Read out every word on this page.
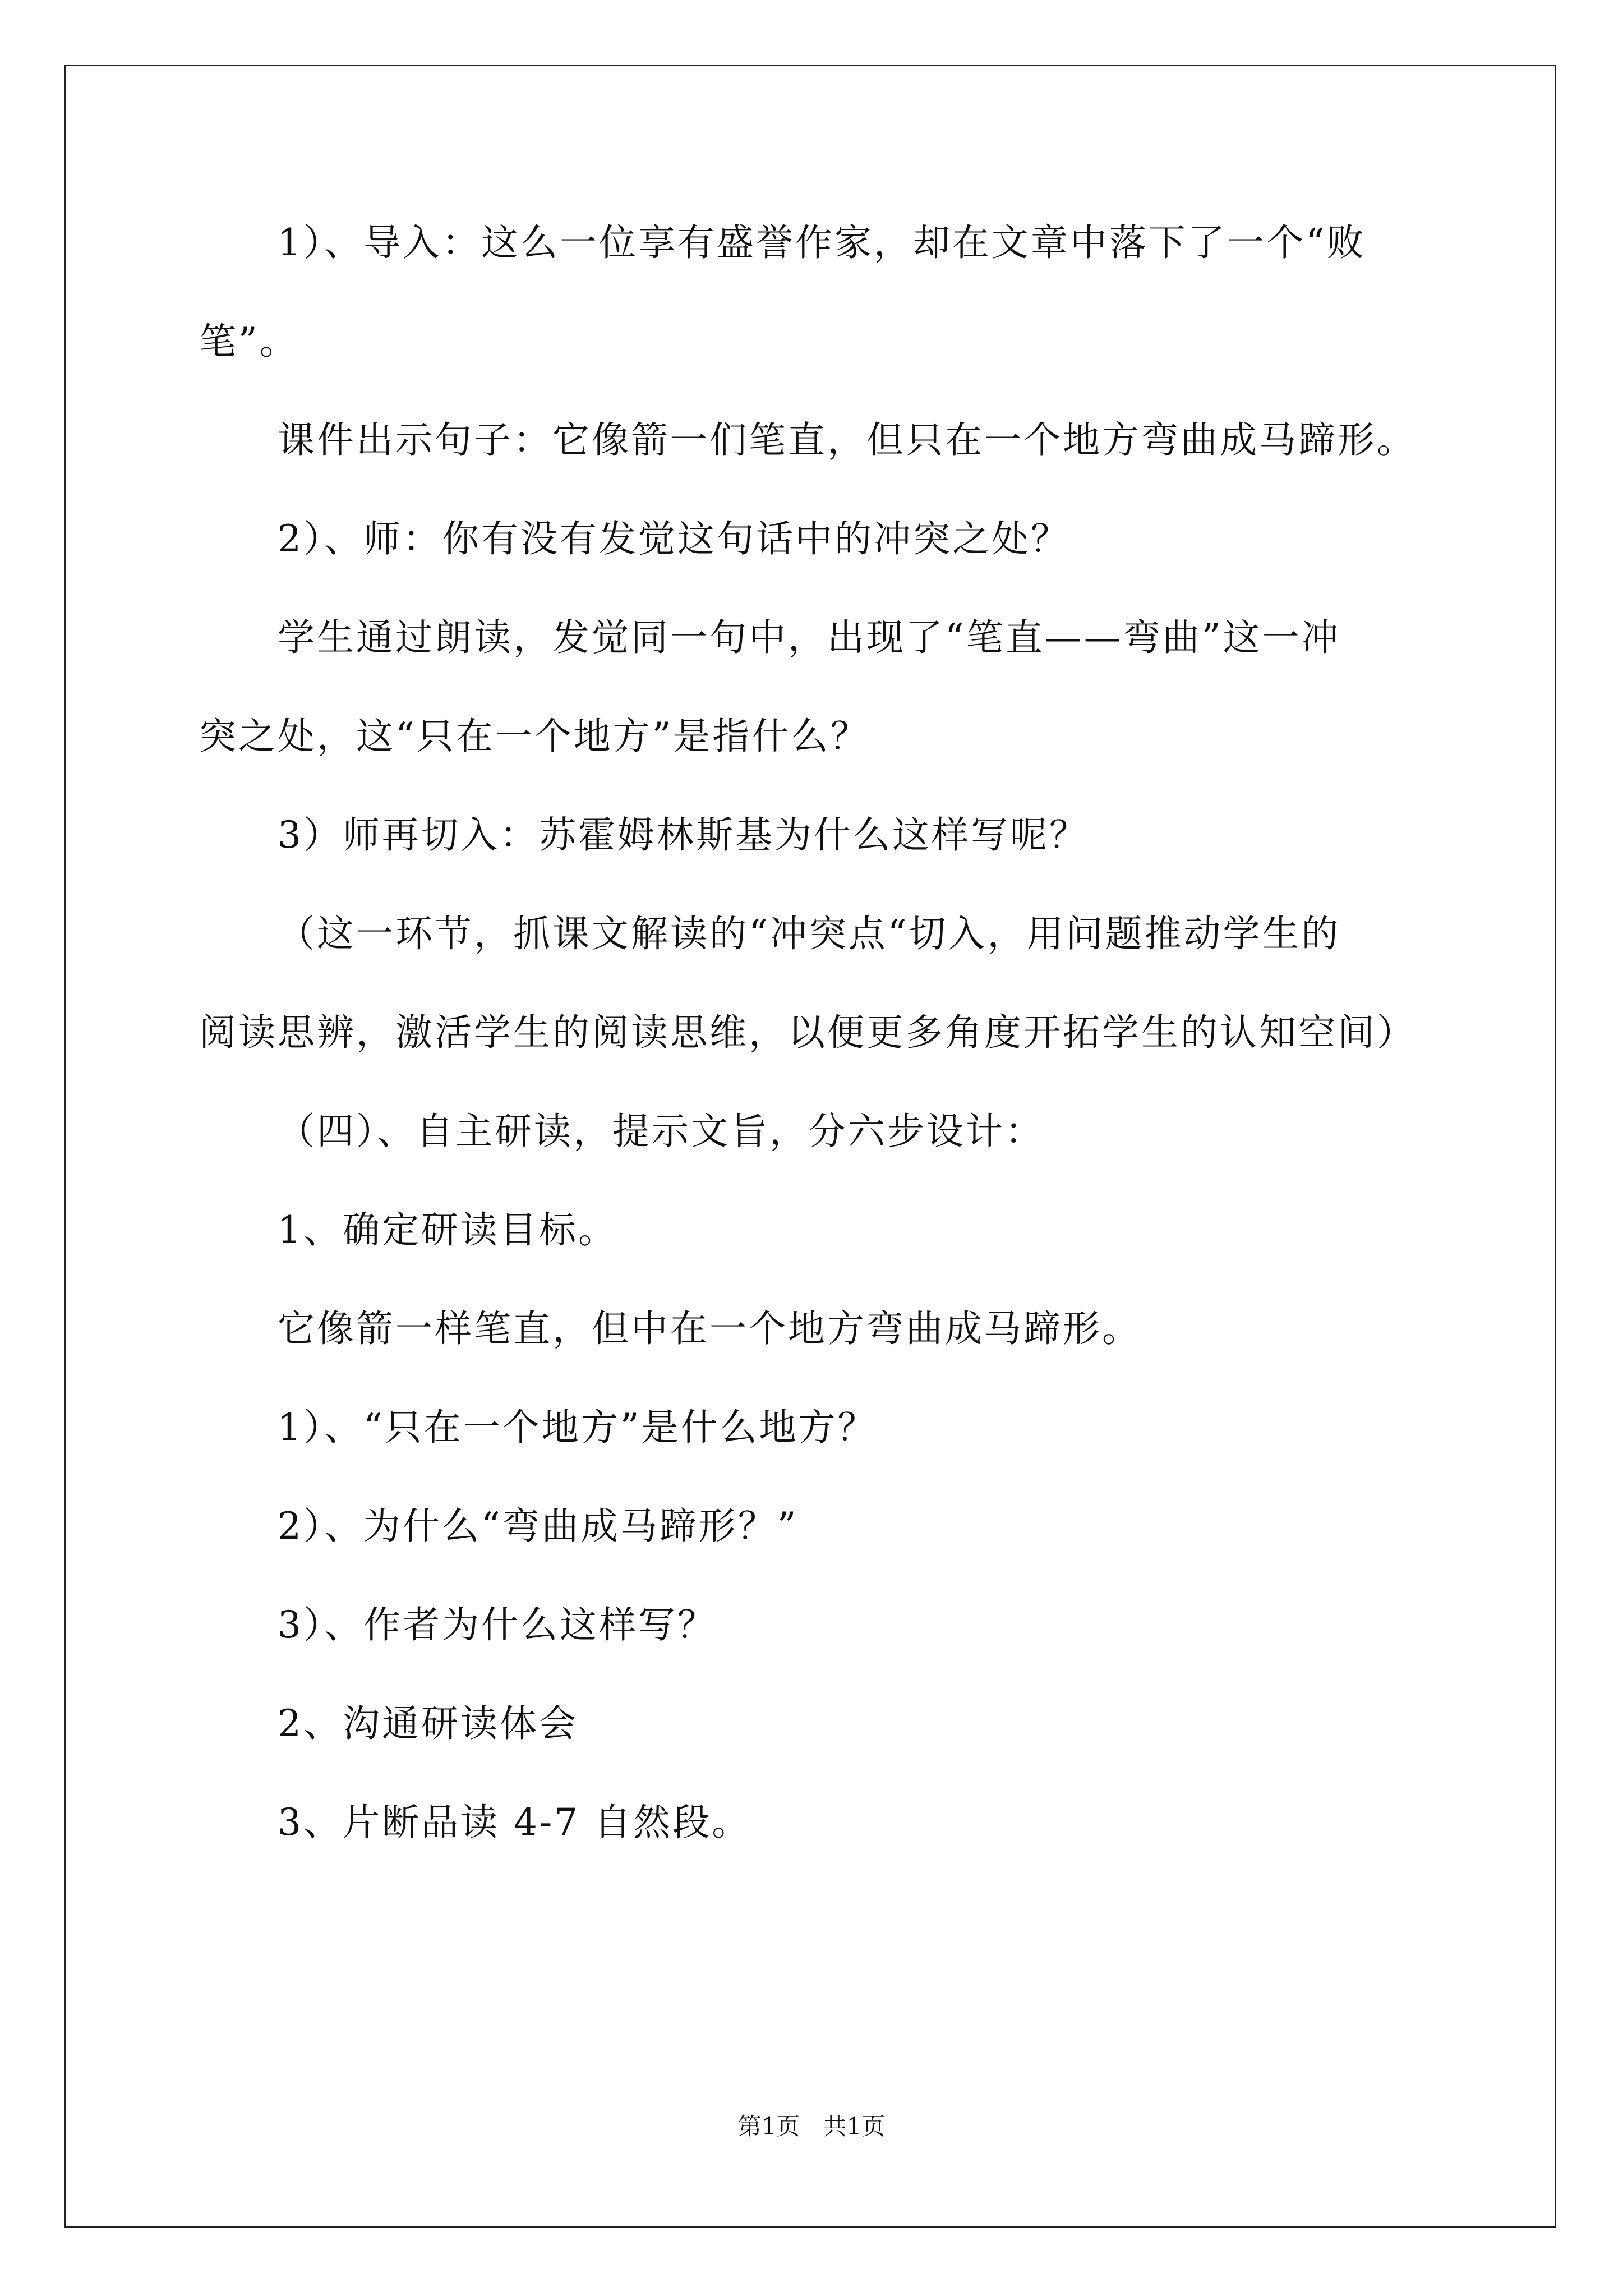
1）、导入：这么一位享有盛誉作家，却在文章中落下了一个“败

笔”。

课件出示句子：它像箭一们笔直，但只在一个地方弯曲成马蹄形。

2）、师：你有没有发觉这句话中的冲突之处？

学生通过朗读，发觉同一句中，出现了“笔直——弯曲”这一冲

突之处，这“只在一个地方”是指什么？

3）师再切入：苏霍姆林斯基为什么这样写呢？

（这一环节，抓课文解读的“冲突点“切入，用问题推动学生的

阅读思辨，激活学生的阅读思维，以便更多角度开拓学生的认知空间）

（四）、自主研读，提示文旨，分六步设计：

1、确定研读目标。

它像箭一样笔直，但中在一个地方弯曲成马蹄形。

1）、“只在一个地方”是什么地方？

2）、为什么“弯曲成马蹄形？”

3）、作者为什么这样写？

2、沟通研读体会

3、片断品读 4-7 自然段。

第1页 共1页
